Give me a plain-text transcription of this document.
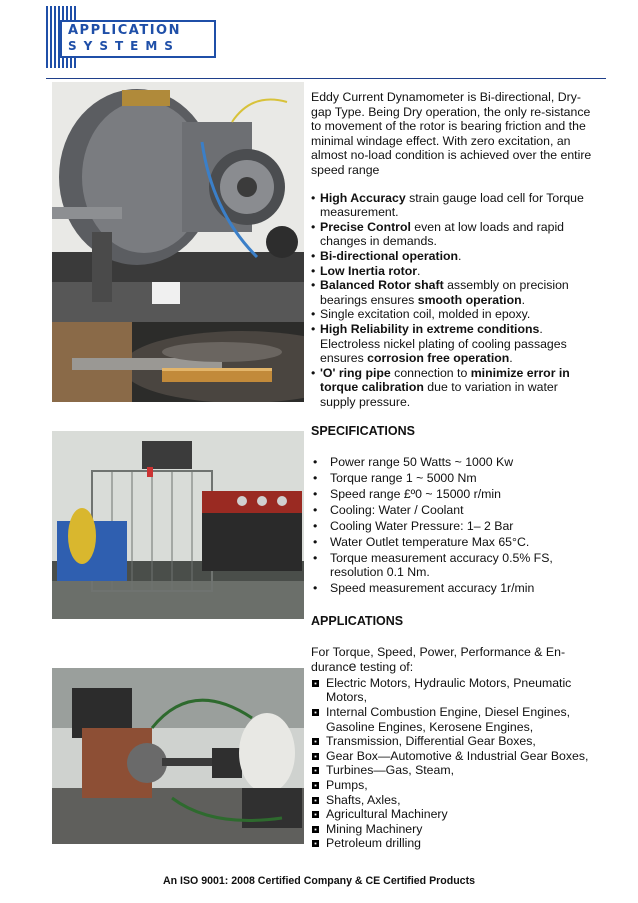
APPLICATION
SYSTEMS

Eddy Current Dynamometer is Bi-directional, Dry-gap Type. Being Dry operation, the only re-sistance to movement of the rotor is bearing friction and the minimal windage effect. With zero excitation, an almost no-load condition is achieved over the entire speed range

• High Accuracy strain gauge load cell for Torque measurement.
• Precise Control even at low loads and rapid changes in demands.
• Bi-directional operation.
• Low Inertia rotor.
• Balanced Rotor shaft assembly on precision bearings ensures smooth operation.
• Single excitation coil, molded in epoxy.
• High Reliability in extreme conditions. Electroless nickel plating of cooling passages ensures corrosion free operation.
• 'O' ring pipe connection to minimize error in torque calibration due to variation in water supply pressure.

SPECIFICATIONS

• Power range 50 Watts ~ 1000 Kw
• Torque range 1 ~ 5000 Nm
• Speed range £º0 ~ 15000 r/min
• Cooling: Water / Coolant
• Cooling Water Pressure: 1– 2 Bar
• Water Outlet temperature Max 65°C.
• Torque measurement accuracy 0.5% FS, resolution 0.1 Nm.
• Speed measurement accuracy 1r/min

APPLICATIONS

For Torque, Speed, Power, Performance & En-durance testing of:

Electric Motors, Hydraulic Motors, Pneumatic Motors,
Internal Combustion Engine, Diesel Engines, Gasoline Engines, Kerosene Engines,
Transmission, Differential Gear Boxes,
Gear Box—Automotive & Industrial Gear Boxes,
Turbines—Gas, Steam,
Pumps,
Shafts, Axles,
Agricultural Machinery
Mining Machinery
Petroleum drilling
An ISO 9001: 2008 Certified Company & CE Certified Products
